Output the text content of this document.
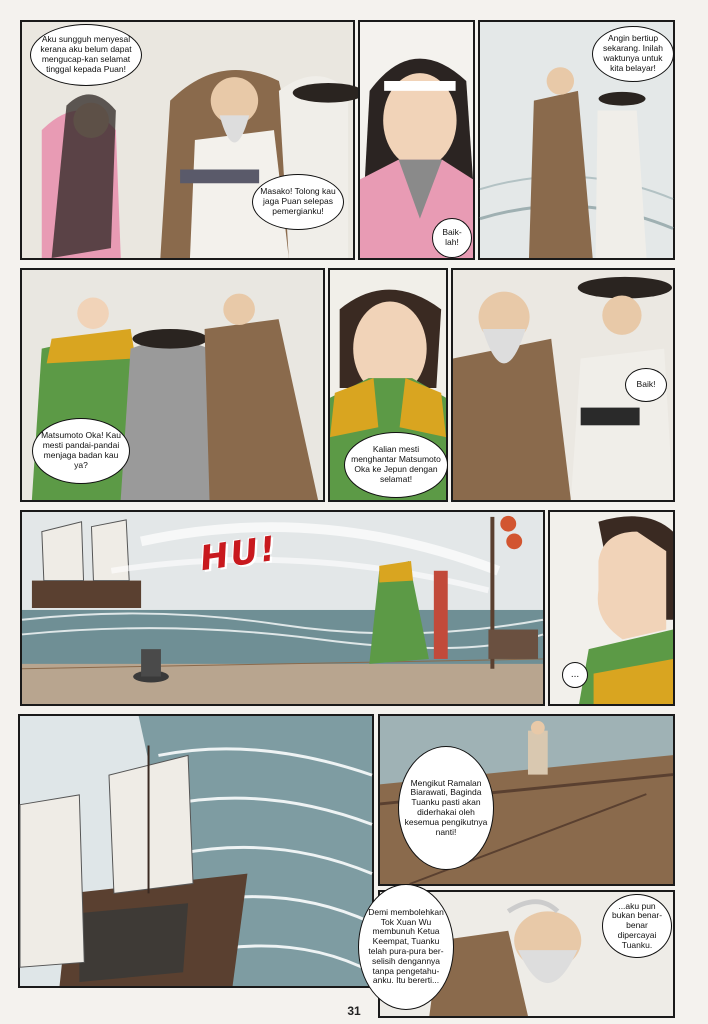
Aku sungguh menyesal kerana aku belum dapat mengucap-kan selamat tinggal kepada Puan!
Masako! Tolong kau jaga Puan selepas pemergianku!
Baik-lah!
Angin bertiup sekarang. Inilah waktunya untuk kita belayar!
Matsumoto Oka! Kau mesti pandai-pandai menjaga badan kau ya?
Kalian mesti menghantar Matsumoto Oka ke Jepun dengan selamat!
Baik!
HU!
...
Mengikut Ramalan Biarawati, Baginda Tuanku pasti akan diderhakai oleh kesemua pengikutnya nanti!
Demi membolehkan Tok Xuan Wu membunuh Ketua Keempat, Tuanku telah pura-pura ber-selisih dengannya tanpa pengetahu-anku. Itu bererti...
...aku pun bukan benar-benar dipercayai Tuanku.
31
